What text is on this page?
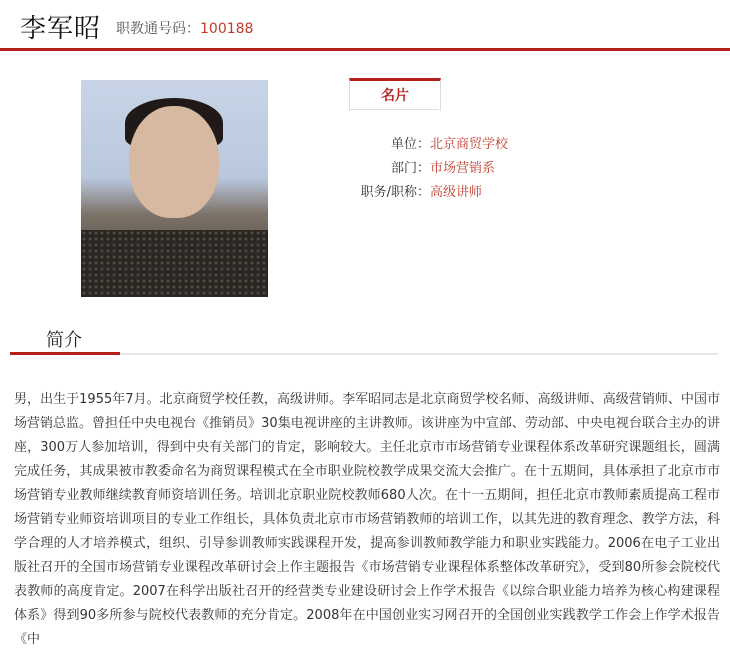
李军昭 职教通号码：100188
名片
单位：北京商贸学校
部门：市场营销系
职务/职称：高级讲师
简介
男，出生于1955年7月。北京商贸学校任教，高级讲师。李军昭同志是北京商贸学校名师、高级讲师、高级营销师、中国市场营销总监。曾担任中央电视台《推销员》30集电视讲座的主讲教师。该讲座为中宣部、劳动部、中央电视台联合主办的讲座，300万人参加培训，得到中央有关部门的肯定，影响较大。主任北京市市场营销专业课程体系改革研究课题组长，圆满完成任务，其成果被市教委命名为商贸课程模式在全市职业院校教学成果交流大会推广。在十五期间，具体承担了北京市市场营销专业教师继续教育师资培训任务。培训北京职业院校教师680人次。在十一五期间，担任北京市教师素质提高工程市场营销专业师资培训项目的专业工作组长，具体负责北京市市场营销教师的培训工作，以其先进的教育理念、教学方法，科学合理的人才培养模式，组织、引导参训教师实践课程开发，提高参训教师教学能力和职业实践能力。2006在电子工业出版社召开的全国市场营销专业课程改革研讨会上作主题报告《市场营销专业课程体系整体改革研究》，受到80所参会院校代表教师的高度肯定。2007在科学出版社召开的经营类专业建设研讨会上作学术报告《以综合职业能力培养为核心构建课程体系》得到90多所参与院校代表教师的充分肯定。2008年在中国创业实习网召开的全国创业实践教学工作会上作学术报告《中
